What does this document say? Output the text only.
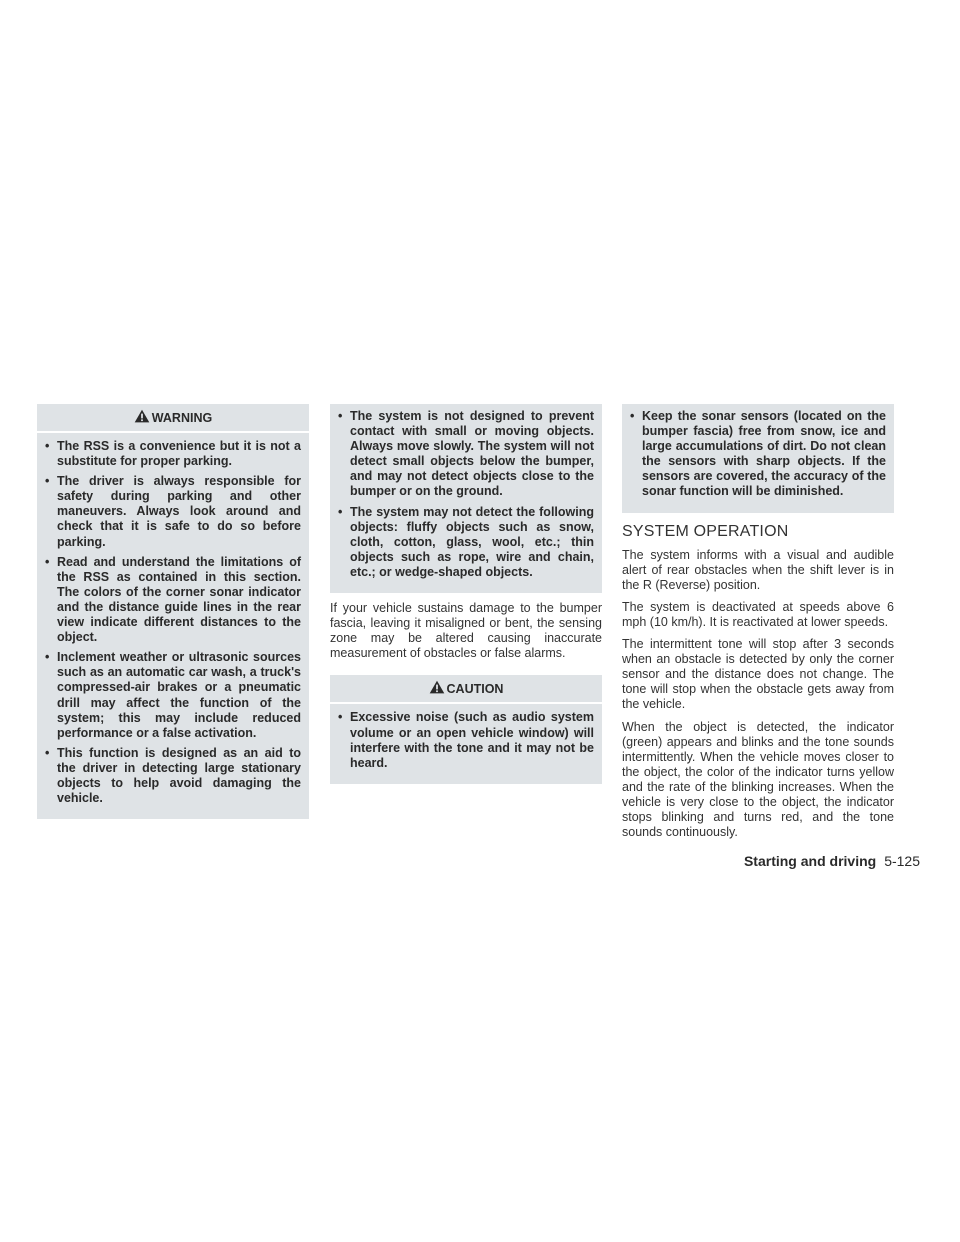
WARNING
• The RSS is a convenience but it is not a substitute for proper parking.
• The driver is always responsible for safety during parking and other maneuvers. Always look around and check that it is safe to do so before parking.
• Read and understand the limitations of the RSS as contained in this section. The colors of the corner sonar indicator and the distance guide lines in the rear view indicate different distances to the object.
• Inclement weather or ultrasonic sources such as an automatic car wash, a truck's compressed-air brakes or a pneumatic drill may affect the function of the system; this may include reduced performance or a false activation.
• This function is designed as an aid to the driver in detecting large stationary objects to help avoid damaging the vehicle.
• The system is not designed to prevent contact with small or moving objects. Always move slowly. The system will not detect small objects below the bumper, and may not detect objects close to the bumper or on the ground.
• The system may not detect the following objects: fluffy objects such as snow, cloth, cotton, glass, wool, etc.; thin objects such as rope, wire and chain, etc.; or wedge-shaped objects.

If your vehicle sustains damage to the bumper fascia, leaving it misaligned or bent, the sensing zone may be altered causing inaccurate measurement of obstacles or false alarms.

CAUTION
• Excessive noise (such as audio system volume or an open vehicle window) will interfere with the tone and it may not be heard.
• Keep the sonar sensors (located on the bumper fascia) free from snow, ice and large accumulations of dirt. Do not clean the sensors with sharp objects. If the sensors are covered, the accuracy of the sonar function will be diminished.
SYSTEM OPERATION

The system informs with a visual and audible alert of rear obstacles when the shift lever is in the R (Reverse) position.

The system is deactivated at speeds above 6 mph (10 km/h). It is reactivated at lower speeds.

The intermittent tone will stop after 3 seconds when an obstacle is detected by only the corner sensor and the distance does not change. The tone will stop when the obstacle gets away from the vehicle.

When the object is detected, the indicator (green) appears and blinks and the tone sounds intermittently. When the vehicle moves closer to the object, the color of the indicator turns yellow and the rate of the blinking increases. When the vehicle is very close to the object, the indicator stops blinking and turns red, and the tone sounds continuously.

Starting and driving 5-125
